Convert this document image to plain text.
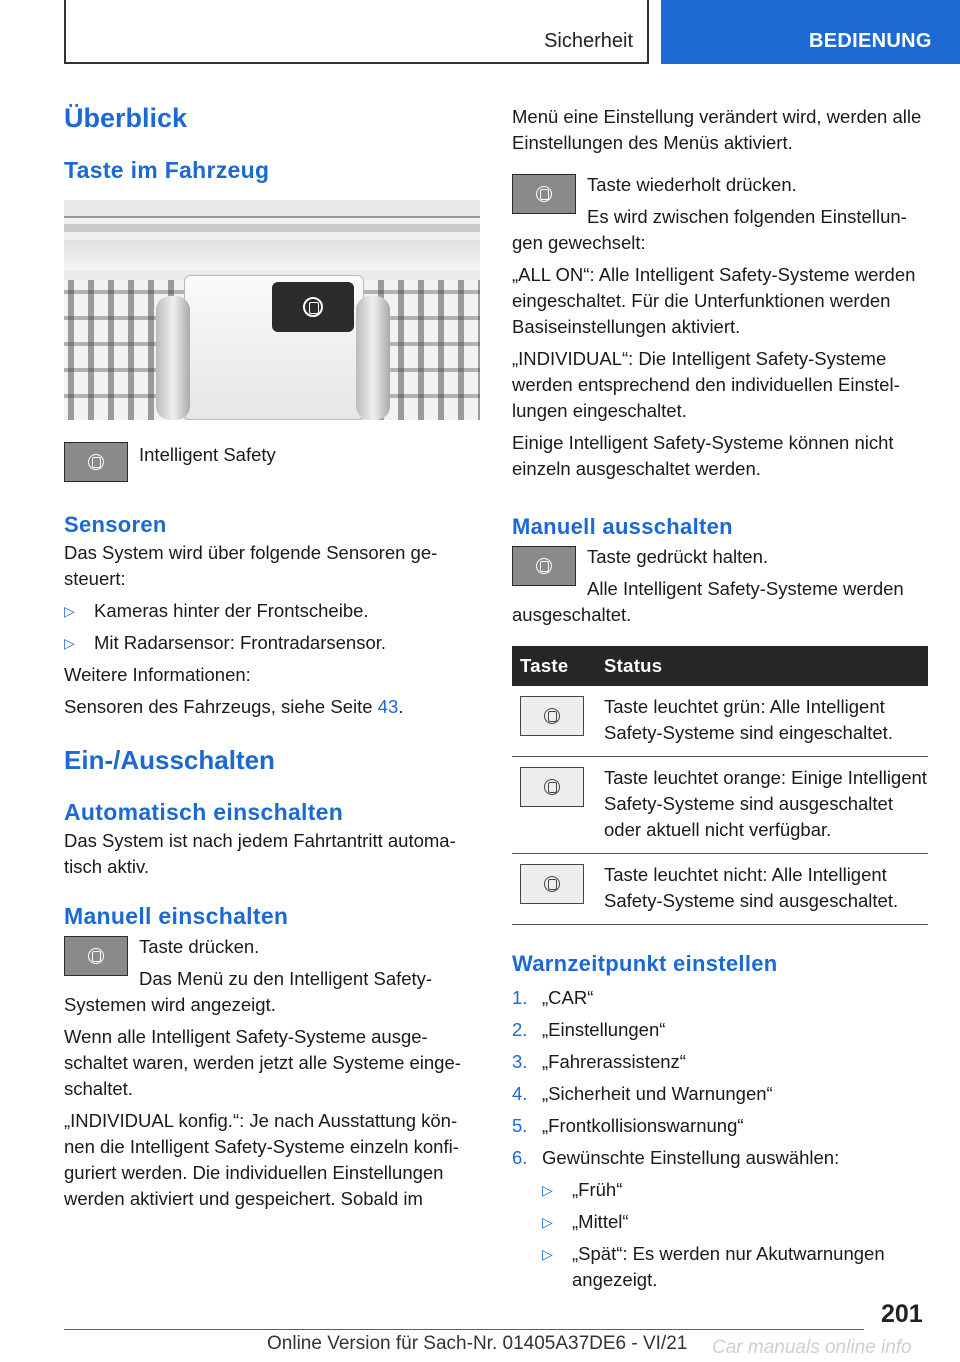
Sicherheit	BEDIENUNG
Überblick
Taste im Fahrzeug

Intelligent Safety

Sensoren

Das System wird über folgende Sensoren gesteuert:

▷ Kameras hinter der Frontscheibe.
▷ Mit Radarsensor: Frontradarsensor.

Weitere Informationen:

Sensoren des Fahrzeugs, siehe Seite 43.

Ein-/Ausschalten
Automatisch einschalten

Das System ist nach jedem Fahrtantritt automatisch aktiv.

Manuell einschalten

Taste drücken.

Das Menü zu den Intelligent Safety-Systemen wird angezeigt.

Wenn alle Intelligent Safety-Systeme ausgeschaltet waren, werden jetzt alle Systeme eingeschaltet.

„INDIVIDUAL konfig.“: Je nach Ausstattung können die Intelligent Safety-Systeme einzeln konfiguriert werden. Die individuellen Einstellungen werden aktiviert und gespeichert. Sobald im

Menü eine Einstellung verändert wird, werden alle Einstellungen des Menüs aktiviert.

Taste wiederholt drücken.

Es wird zwischen folgenden Einstellungen gewechselt:

„ALL ON“: Alle Intelligent Safety-Systeme werden eingeschaltet. Für die Unterfunktionen werden Basiseinstellungen aktiviert.

„INDIVIDUAL“: Die Intelligent Safety-Systeme werden entsprechend den individuellen Einstellungen eingeschaltet.

Einige Intelligent Safety-Systeme können nicht einzeln ausgeschaltet werden.

Manuell ausschalten

Taste gedrückt halten.

Alle Intelligent Safety-Systeme werden ausgeschaltet.

Taste	Status

	Taste leuchtet grün: Alle Intelligent Safety-Systeme sind eingeschaltet.

	Taste leuchtet orange: Einige Intelligent Safety-Systeme sind ausgeschaltet oder aktuell nicht verfügbar.

	Taste leuchtet nicht: Alle Intelligent Safety-Systeme sind ausgeschaltet.
Warnzeitpunkt einstellen
1. „CAR“
2. „Einstellungen“
3. „Fahrerassistenz“
4. „Sicherheit und Warnungen“
5. „Frontkollisionswarnung“
6. Gewünschte Einstellung auswählen:
▷ „Früh“
▷ „Mittel“
▷ „Spät“: Es werden nur Akutwarnungen angezeigt.
201
Online Version für Sach-Nr. 01405A37DE6 - VI/21 Car manuals online info
